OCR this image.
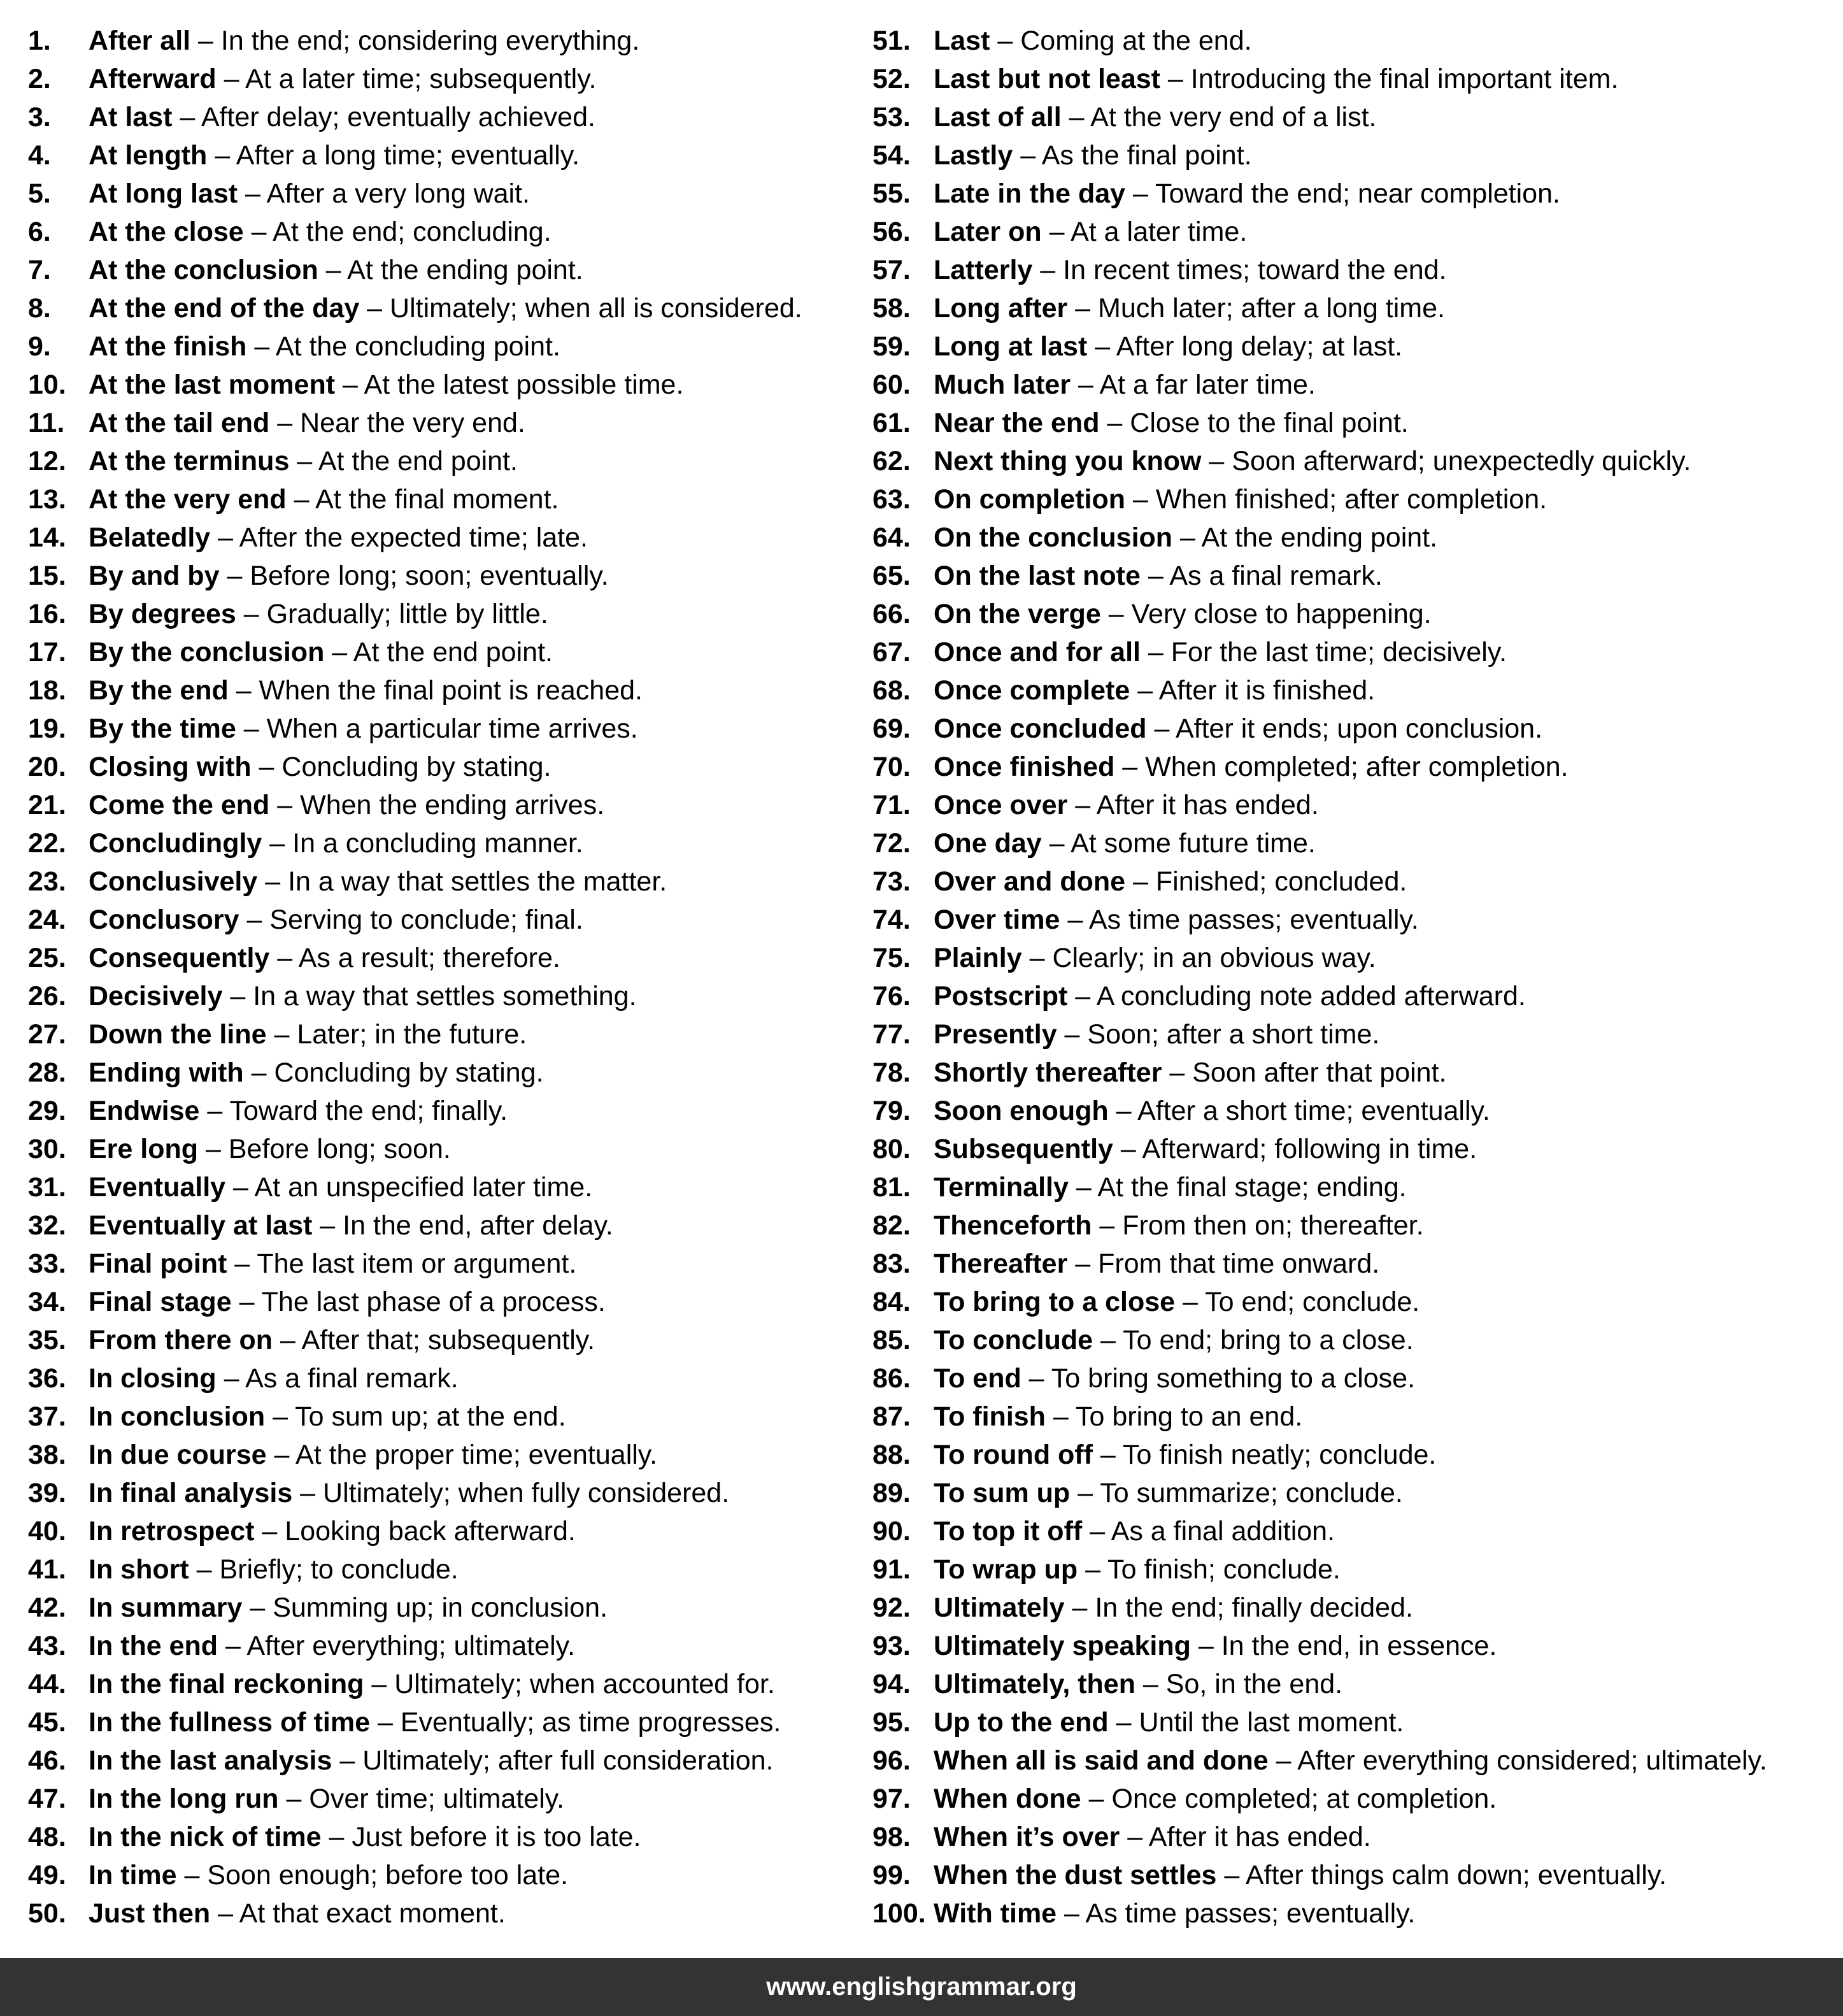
1. After all – In the end; considering everything.
2. Afterward – At a later time; subsequently.
3. At last – After delay; eventually achieved.
4. At length – After a long time; eventually.
5. At long last – After a very long wait.
6. At the close – At the end; concluding.
7. At the conclusion – At the ending point.
8. At the end of the day – Ultimately; when all is considered.
9. At the finish – At the concluding point.
10. At the last moment – At the latest possible time.
11. At the tail end – Near the very end.
12. At the terminus – At the end point.
13. At the very end – At the final moment.
14. Belatedly – After the expected time; late.
15. By and by – Before long; soon; eventually.
16. By degrees – Gradually; little by little.
17. By the conclusion – At the end point.
18. By the end – When the final point is reached.
19. By the time – When a particular time arrives.
20. Closing with – Concluding by stating.
21. Come the end – When the ending arrives.
22. Concludingly – In a concluding manner.
23. Conclusively – In a way that settles the matter.
24. Conclusory – Serving to conclude; final.
25. Consequently – As a result; therefore.
26. Decisively – In a way that settles something.
27. Down the line – Later; in the future.
28. Ending with – Concluding by stating.
29. Endwise – Toward the end; finally.
30. Ere long – Before long; soon.
31. Eventually – At an unspecified later time.
32. Eventually at last – In the end, after delay.
33. Final point – The last item or argument.
34. Final stage – The last phase of a process.
35. From there on – After that; subsequently.
36. In closing – As a final remark.
37. In conclusion – To sum up; at the end.
38. In due course – At the proper time; eventually.
39. In final analysis – Ultimately; when fully considered.
40. In retrospect – Looking back afterward.
41. In short – Briefly; to conclude.
42. In summary – Summing up; in conclusion.
43. In the end – After everything; ultimately.
44. In the final reckoning – Ultimately; when accounted for.
45. In the fullness of time – Eventually; as time progresses.
46. In the last analysis – Ultimately; after full consideration.
47. In the long run – Over time; ultimately.
48. In the nick of time – Just before it is too late.
49. In time – Soon enough; before too late.
50. Just then – At that exact moment.
51. Last – Coming at the end.
52. Last but not least – Introducing the final important item.
53. Last of all – At the very end of a list.
54. Lastly – As the final point.
55. Late in the day – Toward the end; near completion.
56. Later on – At a later time.
57. Latterly – In recent times; toward the end.
58. Long after – Much later; after a long time.
59. Long at last – After long delay; at last.
60. Much later – At a far later time.
61. Near the end – Close to the final point.
62. Next thing you know – Soon afterward; unexpectedly quickly.
63. On completion – When finished; after completion.
64. On the conclusion – At the ending point.
65. On the last note – As a final remark.
66. On the verge – Very close to happening.
67. Once and for all – For the last time; decisively.
68. Once complete – After it is finished.
69. Once concluded – After it ends; upon conclusion.
70. Once finished – When completed; after completion.
71. Once over – After it has ended.
72. One day – At some future time.
73. Over and done – Finished; concluded.
74. Over time – As time passes; eventually.
75. Plainly – Clearly; in an obvious way.
76. Postscript – A concluding note added afterward.
77. Presently – Soon; after a short time.
78. Shortly thereafter – Soon after that point.
79. Soon enough – After a short time; eventually.
80. Subsequently – Afterward; following in time.
81. Terminally – At the final stage; ending.
82. Thenceforth – From then on; thereafter.
83. Thereafter – From that time onward.
84. To bring to a close – To end; conclude.
85. To conclude – To end; bring to a close.
86. To end – To bring something to a close.
87. To finish – To bring to an end.
88. To round off – To finish neatly; conclude.
89. To sum up – To summarize; conclude.
90. To top it off – As a final addition.
91. To wrap up – To finish; conclude.
92. Ultimately – In the end; finally decided.
93. Ultimately speaking – In the end, in essence.
94. Ultimately, then – So, in the end.
95. Up to the end – Until the last moment.
96. When all is said and done – After everything considered; ultimately.
97. When done – Once completed; at completion.
98. When it’s over – After it has ended.
99. When the dust settles – After things calm down; eventually.
100. With time – As time passes; eventually.
www.englishgrammar.org
